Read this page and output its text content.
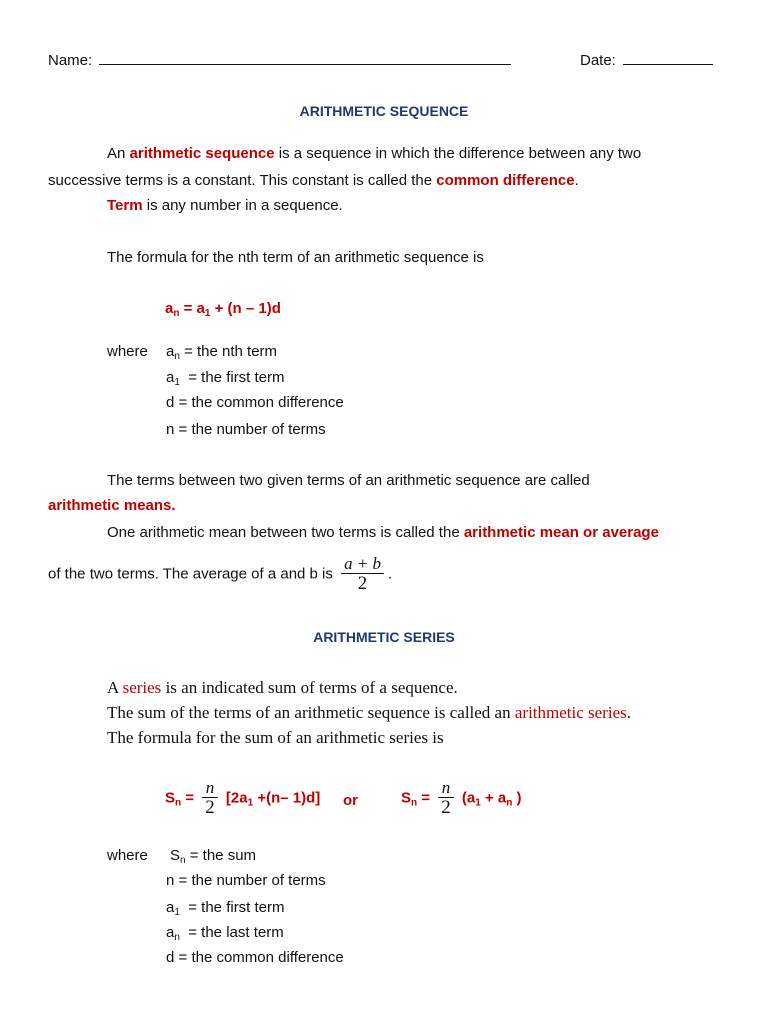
Name:	Date:
ARITHMETIC SEQUENCE
An arithmetic sequence is a sequence in which the difference between any two
successive terms is a constant. This constant is called the common difference.
Term is any number in a sequence.
The formula for the nth term of an arithmetic sequence is
$a_n = a_1 + (n - 1)d$
where $a_n$ = the nth term
$a_1$  = the first term
d = the common difference
n = the number of terms
The terms between two given terms of an arithmetic sequence are called
arithmetic means.
One arithmetic mean between two terms is called the arithmetic mean or average
of the two terms. The average of a and b is $\frac{a + b}{2}$ .
ARITHMETIC SERIES
A series is an indicated sum of terms of a sequence.
The sum of the terms of an arithmetic sequence is called an arithmetic series.
The formula for the sum of an arithmetic series is
$S_n = \frac{n}{2} [2a_1 +(n-$ 1)d] or	$S_n = \frac{n}{2} (a_1 + a_n$ )
where $S_n$ = the sum
n = the number of terms
$a_1$  = the first term
$a_n$  = the last term
d = the common difference
